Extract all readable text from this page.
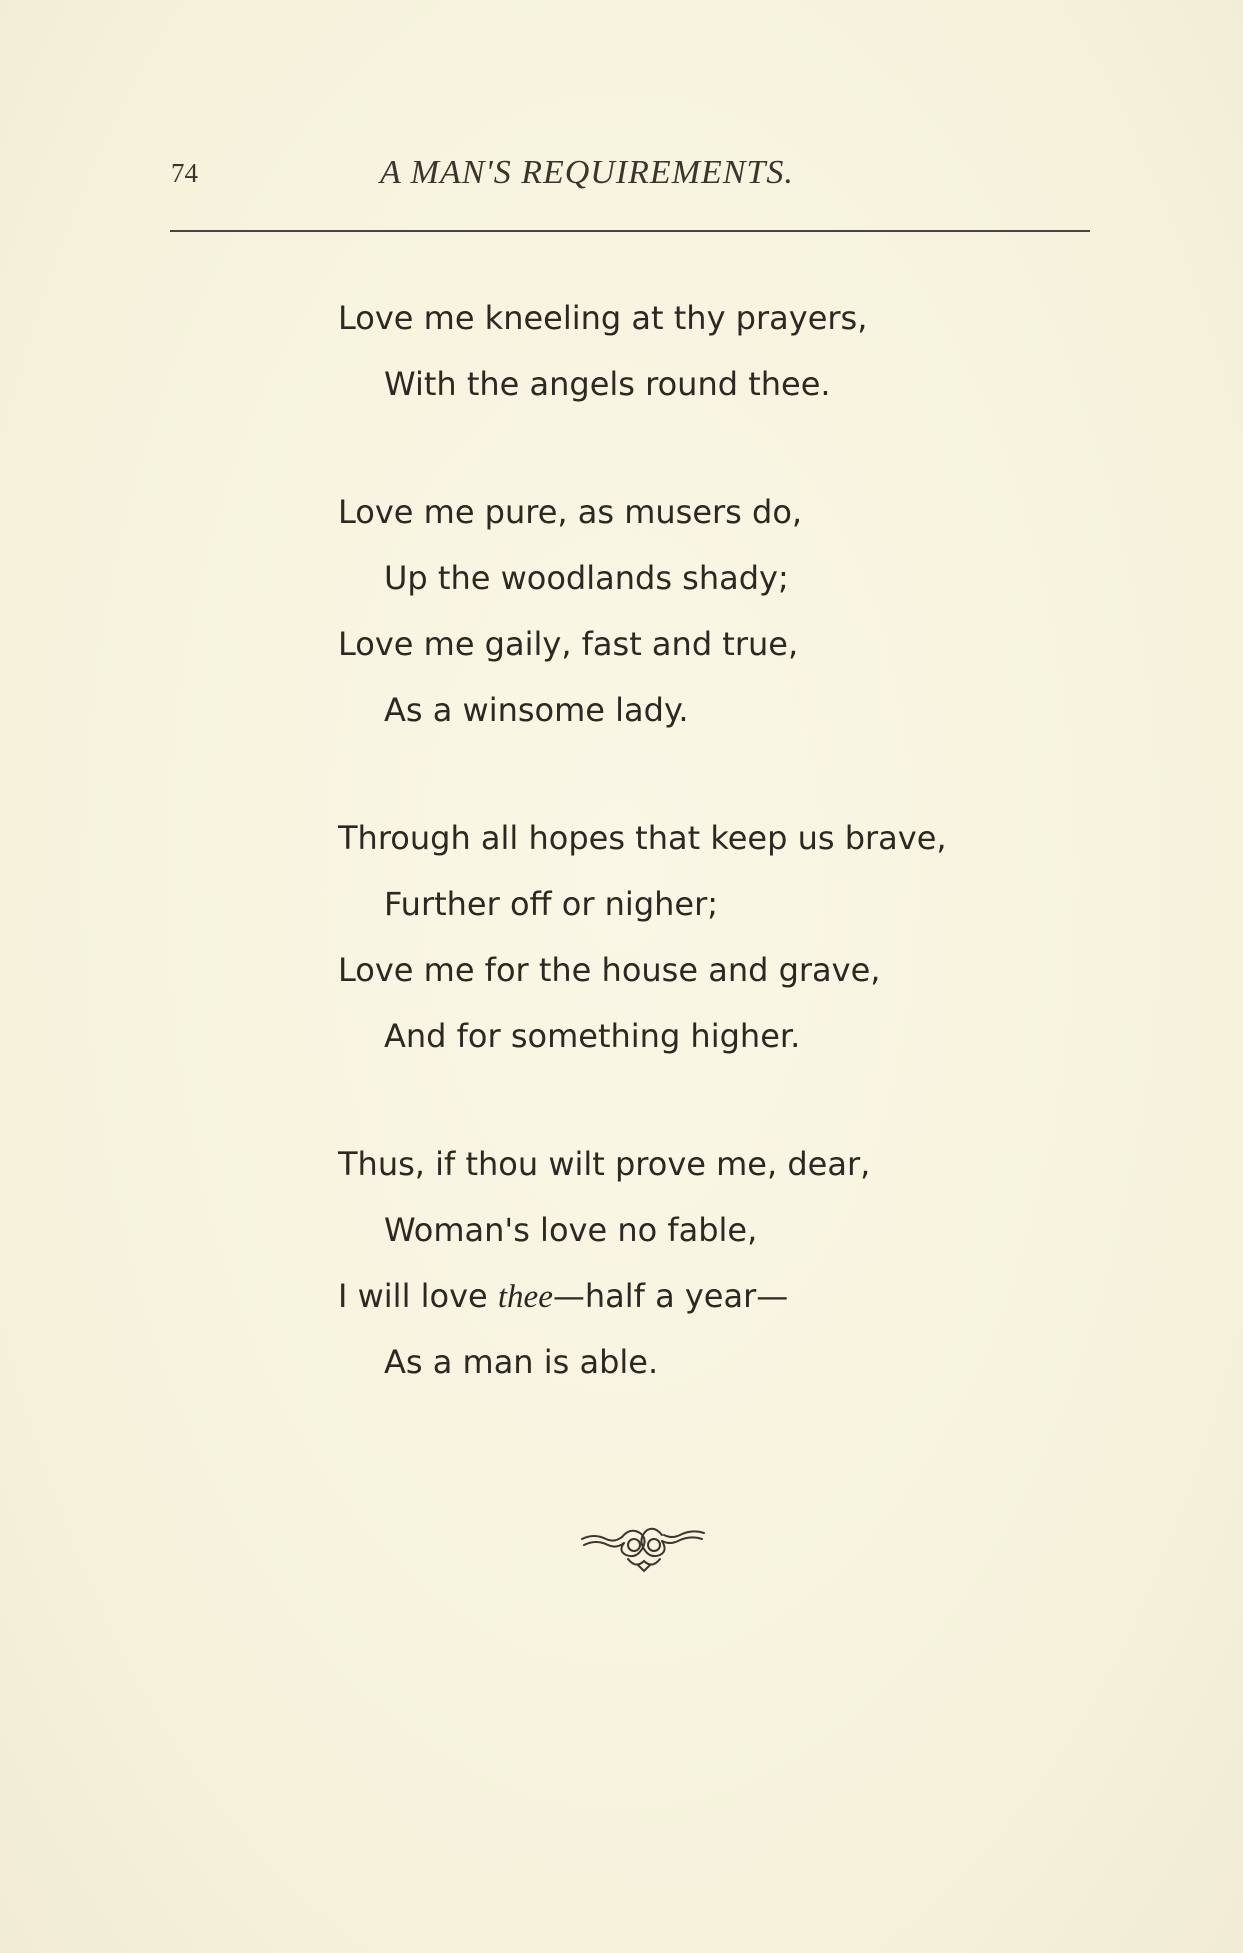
74	A MAN'S REQUIREMENTS.
Love me kneeling at thy prayers,
With the angels round thee.
Love me pure, as musers do,
Up the woodlands shady;
Love me gaily, fast and true,
As a winsome lady.
Through all hopes that keep us brave,
Further off or nigher;
Love me for the house and grave,
And for something higher.
Thus, if thou wilt prove me, dear,
Woman's love no fable,
I will love thee—half a year—
As a man is able.
